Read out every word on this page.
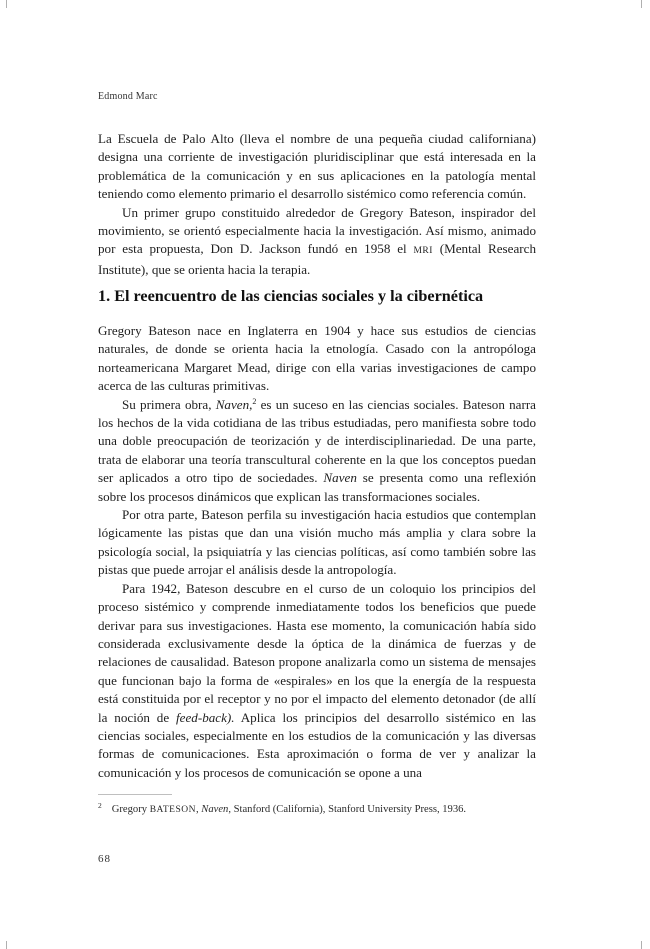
Edmond Marc

La Escuela de Palo Alto (lleva el nombre de una pequeña ciudad californiana) designa una corriente de investigación pluridisciplinar que está interesada en la problemática de la comunicación y en sus aplicaciones en la patología mental teniendo como elemento primario el desarrollo sistémico como referencia común.

Un primer grupo constituido alrededor de Gregory Bateson, inspirador del movimiento, se orientó especialmente hacia la investigación. Así mismo, animado por esta propuesta, Don D. Jackson fundó en 1958 el MRI (Mental Research Institute), que se orienta hacia la terapia.

1. El reencuentro de las ciencias sociales y la cibernética

Gregory Bateson nace en Inglaterra en 1904 y hace sus estudios de ciencias naturales, de donde se orienta hacia la etnología. Casado con la antropóloga norteamericana Margaret Mead, dirige con ella varias investigaciones de campo acerca de las culturas primitivas.

Su primera obra, Naven,$^2$ es un suceso en las ciencias sociales. Bateson narra los hechos de la vida cotidiana de las tribus estudiadas, pero manifiesta sobre todo una doble preocupación de teorización y de interdisciplinariedad. De una parte, trata de elaborar una teoría transcultural coherente en la que los conceptos puedan ser aplicados a otro tipo de sociedades. Naven se presenta como una reflexión sobre los procesos dinámicos que explican las transformaciones sociales.

Por otra parte, Bateson perfila su investigación hacia estudios que contemplan lógicamente las pistas que dan una visión mucho más amplia y clara sobre la psicología social, la psiquiatría y las ciencias políticas, así como también sobre las pistas que puede arrojar el análisis desde la antropología.

Para 1942, Bateson descubre en el curso de un coloquio los principios del proceso sistémico y comprende inmediatamente todos los beneficios que puede derivar para sus investigaciones. Hasta ese momento, la comunicación había sido considerada exclusivamente desde la óptica de la dinámica de fuerzas y de relaciones de causalidad. Bateson propone analizarla como un sistema de mensajes que funcionan bajo la forma de «espirales» en los que la energía de la respuesta está constituida por el receptor y no por el impacto del elemento detonador (de allí la noción de feed-back). Aplica los principios del desarrollo sistémico en las ciencias sociales, especialmente en los estudios de la comunicación y las diversas formas de comunicaciones. Esta aproximación o forma de ver y analizar la comunicación y los procesos de comunicación se opone a una

$^2$ Gregory BATESON, Naven, Stanford (California), Stanford University Press, 1936.
68
